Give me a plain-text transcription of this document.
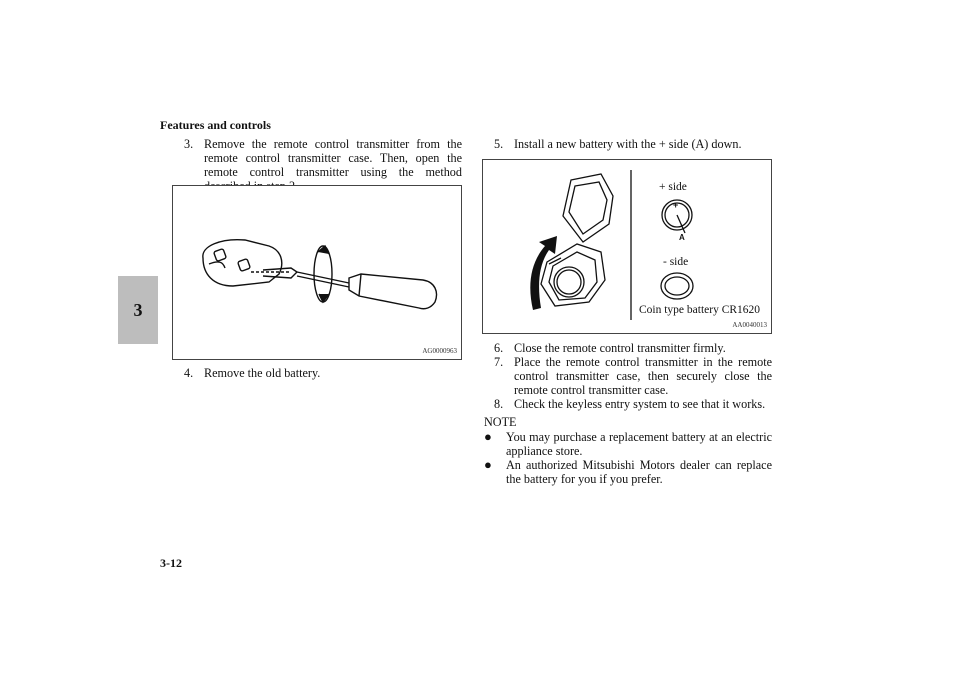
Features and controls
3
3. Remove the remote control transmitter from the remote control transmitter case. Then, open the remote control transmitter using the method
AG0000963
4. Remove the old battery.
5. Install a new battery with the + side (A) down.
+ side
+
A
- side
Coin type battery CR1620
AA0040013
6. Close the remote control transmitter firmly.
7. Place the remote control transmitter in the remote control transmitter case, then securely close the remote control transmitter case.
8. Check the keyless entry system to see that it works.
NOTE
● You may purchase a replacement battery at an electric appliance store.
● An authorized Mitsubishi Motors dealer can replace the battery for you if you prefer.
3-12
